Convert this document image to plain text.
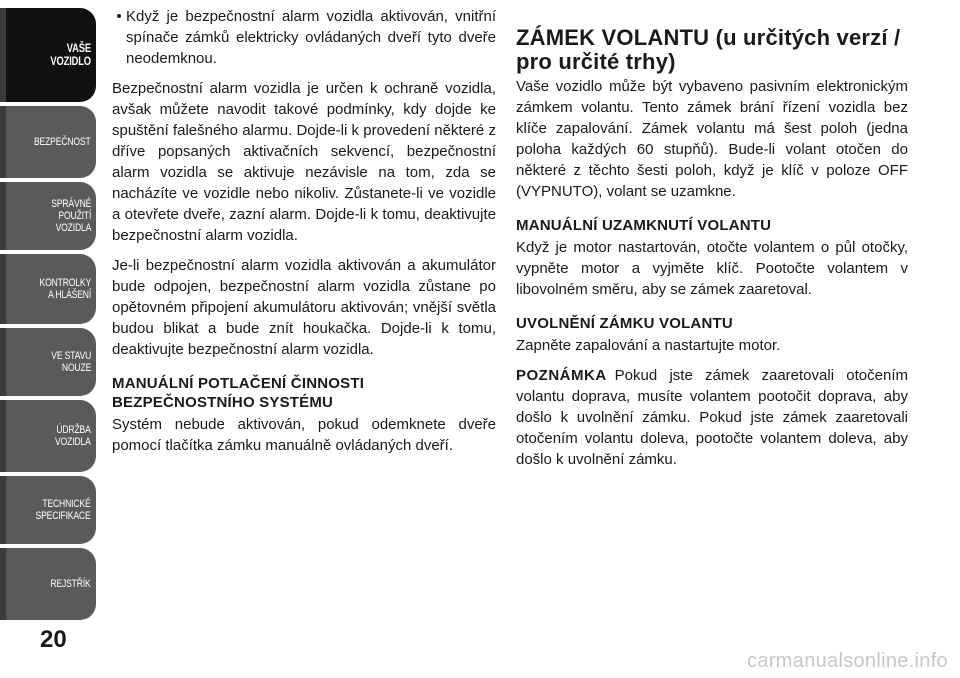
VAŠE
VOZIDLO
BEZPEČNOST
SPRÁVNÉ
POUŽITÍ
VOZIDLA
KONTROLKY
A HLÁŠENÍ
VE STAVU
NOUZE
ÚDRŽBA
VOZIDLA
TECHNICKÉ
SPECIFIKACE
REJSTŘÍK
20
• Když je bezpečnostní alarm vozidla aktivován, vnitřní spínače zámků elektricky ovládaných dveří tyto dveře neodemknou.

Bezpečnostní alarm vozidla je určen k ochraně vozidla, avšak můžete navodit takové podmínky, kdy dojde ke spuštění falešného alarmu. Dojde-li k provedení některé z dříve popsaných aktivačních sekvencí, bezpečnostní alarm vozidla se aktivuje nezávisle na tom, zda se nacházíte ve vozidle nebo nikoliv. Zůstanete-li ve vozidle a otevřete dveře, zazní alarm. Dojde-li k tomu, deaktivujte bezpečnostní alarm vozidla.

Je-li bezpečnostní alarm vozidla aktivován a akumulátor bude odpojen, bezpečnostní alarm vozidla zůstane po opětovném připojení akumulátoru aktivován; vnější světla budou blikat a bude znít houkačka. Dojde-li k tomu, deaktivujte bezpečnostní alarm vozidla.

MANUÁLNÍ POTLAČENÍ ČINNOSTI BEZPEČNOSTNÍHO SYSTÉMU

Systém nebude aktivován, pokud odemknete dveře pomocí tlačítka zámku manuálně ovládaných dveří.

ZÁMEK VOLANTU (u určitých verzí / pro určité trhy)

Vaše vozidlo může být vybaveno pasivním elektronickým zámkem volantu. Tento zámek brání řízení vozidla bez klíče zapalování. Zámek volantu má šest poloh (jedna poloha každých 60 stupňů). Bude-li volant otočen do některé z těchto šesti poloh, když je klíč v poloze OFF (VYPNUTO), volant se uzamkne.

MANUÁLNÍ UZAMKNUTÍ VOLANTU

Když je motor nastartován, otočte volantem o půl otočky, vypněte motor a vyjměte klíč. Pootočte volantem v libovolném směru, aby se zámek zaaretoval.

UVOLNĚNÍ ZÁMKU VOLANTU

Zapněte zapalování a nastartujte motor.

POZNÁMKA Pokud jste zámek zaaretovali otočením volantu doprava, musíte volantem pootočit doprava, aby došlo k uvolnění zámku. Pokud jste zámek zaaretovali otočením volantu doleva, pootočte volantem doleva, aby došlo k uvolnění zámku.

carmanualsonline.info
